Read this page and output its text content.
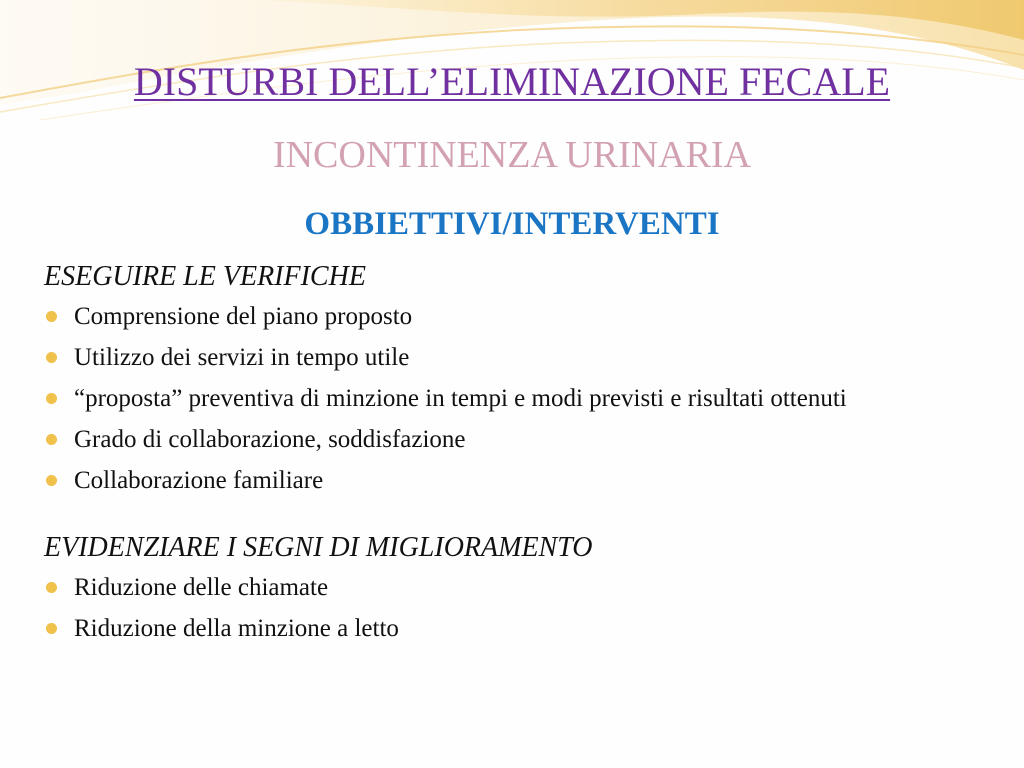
DISTURBI DELL’ELIMINAZIONE FECALE
INCONTINENZA URINARIA
OBBIETTIVI/INTERVENTI

ESEGUIRE LE VERIFICHE

Comprensione del piano proposto
Utilizzo dei servizi in tempo utile
“proposta” preventiva di minzione in tempi e modi previsti e risultati ottenuti
Grado di collaborazione, soddisfazione
Collaborazione familiare

EVIDENZIARE I SEGNI DI MIGLIORAMENTO

Riduzione delle chiamate
Riduzione della minzione a letto
